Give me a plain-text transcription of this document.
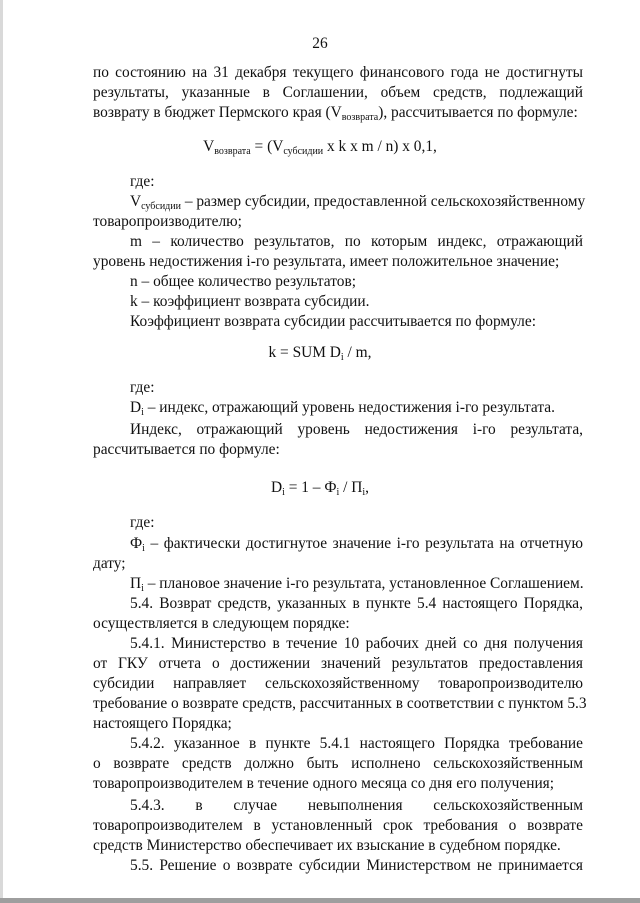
26
по состоянию на 31 декабря текущего финансового года не достигнуты
результаты, указанные в Соглашении, объем средств, подлежащий
возврату в бюджет Пермского края $(V_{возврата})$, рассчитывается по формуле:
$V_{возврата} = (V_{субсидии}$ x k x m / n) x 0,1,
где:
$V_{субсидии}$ – размер субсидии, предоставленной сельскохозяйственному
товаропроизводителю;
m – количество результатов, по которым индекс, отражающий
уровень недостижения i-го результата, имеет положительное значение;
n – общее количество результатов;
k – коэффициент возврата субсидии.
Коэффициент возврата субсидии рассчитывается по формуле:
k = SUM $D_i$ / m,
где:
$D_i$ – индекс, отражающий уровень недостижения i-го результата.
Индекс, отражающий уровень недостижения i-го результата,
рассчитывается по формуле:
$D_i = 1 - Ф_i / П_i$,
где:
$Ф_i$ – фактически достигнутое значение i-го результата на отчетную
дату;
$П_i$ – плановое значение i-го результата, установленное Соглашением.
5.4. Возврат средств, указанных в пункте 5.4 настоящего Порядка,
осуществляется в следующем порядке:
5.4.1. Министерство в течение 10 рабочих дней со дня получения
от ГКУ отчета о достижении значений результатов предоставления
субсидии направляет сельскохозяйственному товаропроизводителю
требование о возврате средств, рассчитанных в соответствии с пунктом 5.3
настоящего Порядка;
5.4.2. указанное в пункте 5.4.1 настоящего Порядка требование
о возврате средств должно быть исполнено сельскохозяйственным
товаропроизводителем в течение одного месяца со дня его получения;
5.4.3. в случае невыполнения сельскохозяйственным
товаропроизводителем в установленный срок требования о возврате
средств Министерство обеспечивает их взыскание в судебном порядке.
5.5. Решение о возврате субсидии Министерством не принимается
